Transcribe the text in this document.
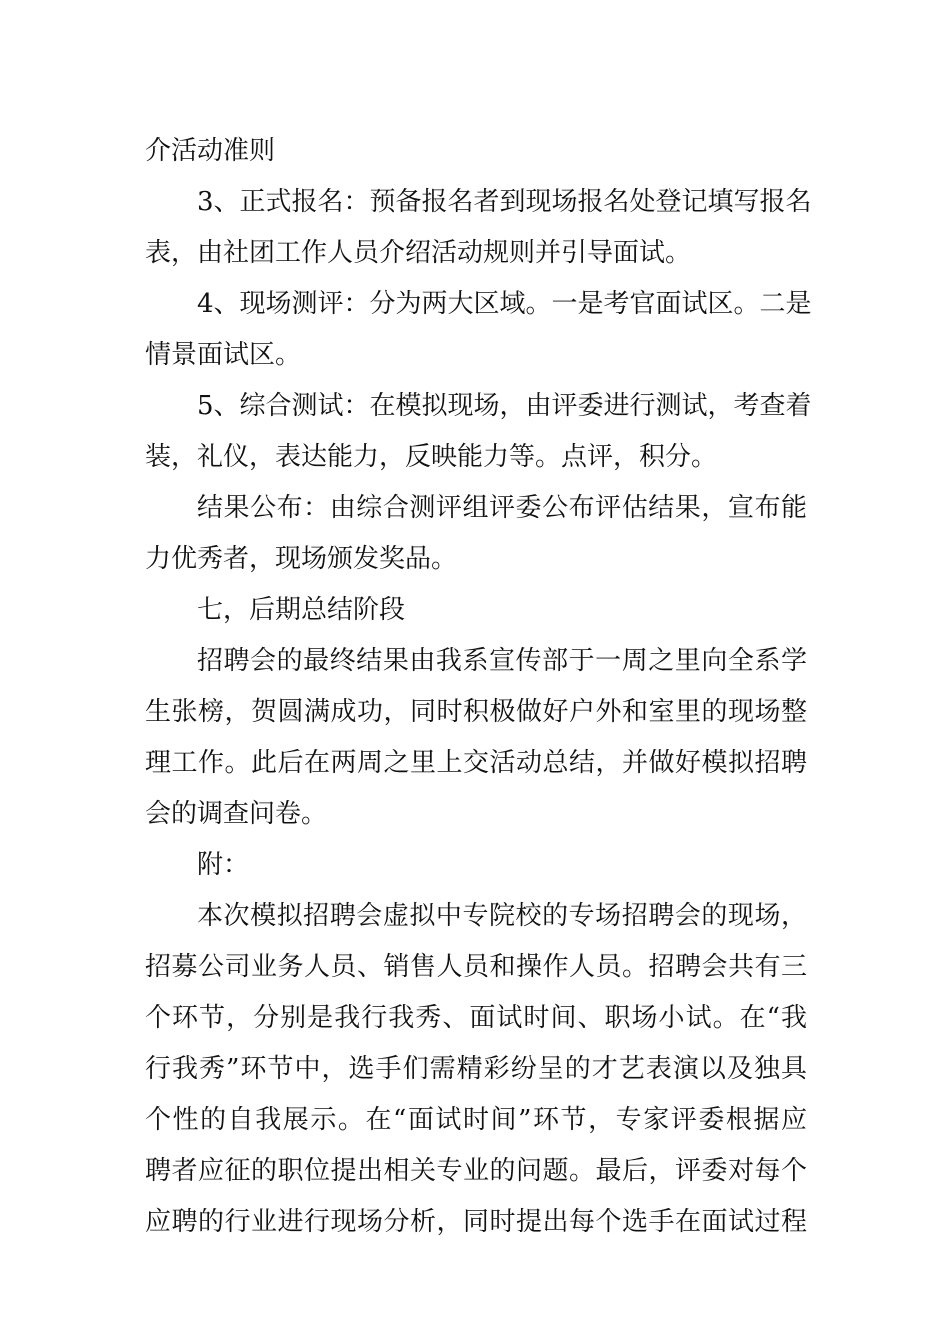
介活动准则
3、正式报名：预备报名者到现场报名处登记填写报名
表，由社团工作人员介绍活动规则并引导面试。
4、现场测评：分为两大区域。一是考官面试区。二是
情景面试区。
5、综合测试：在模拟现场，由评委进行测试，考查着
装，礼仪，表达能力，反映能力等。点评，积分。
结果公布：由综合测评组评委公布评估结果，宣布能
力优秀者，现场颁发奖品。
七，后期总结阶段
招聘会的最终结果由我系宣传部于一周之里向全系学
生张榜，贺圆满成功，同时积极做好户外和室里的现场整
理工作。此后在两周之里上交活动总结，并做好模拟招聘
会的调查问卷。
附：
本次模拟招聘会虚拟中专院校的专场招聘会的现场，
招募公司业务人员、销售人员和操作人员。招聘会共有三
个环节，分别是我行我秀、面试时间、职场小试。在“我
行我秀”环节中，选手们需精彩纷呈的才艺表演以及独具
个性的自我展示。在“面试时间”环节，专家评委根据应
聘者应征的职位提出相关专业的问题。最后，评委对每个
应聘的行业进行现场分析，同时提出每个选手在面试过程
